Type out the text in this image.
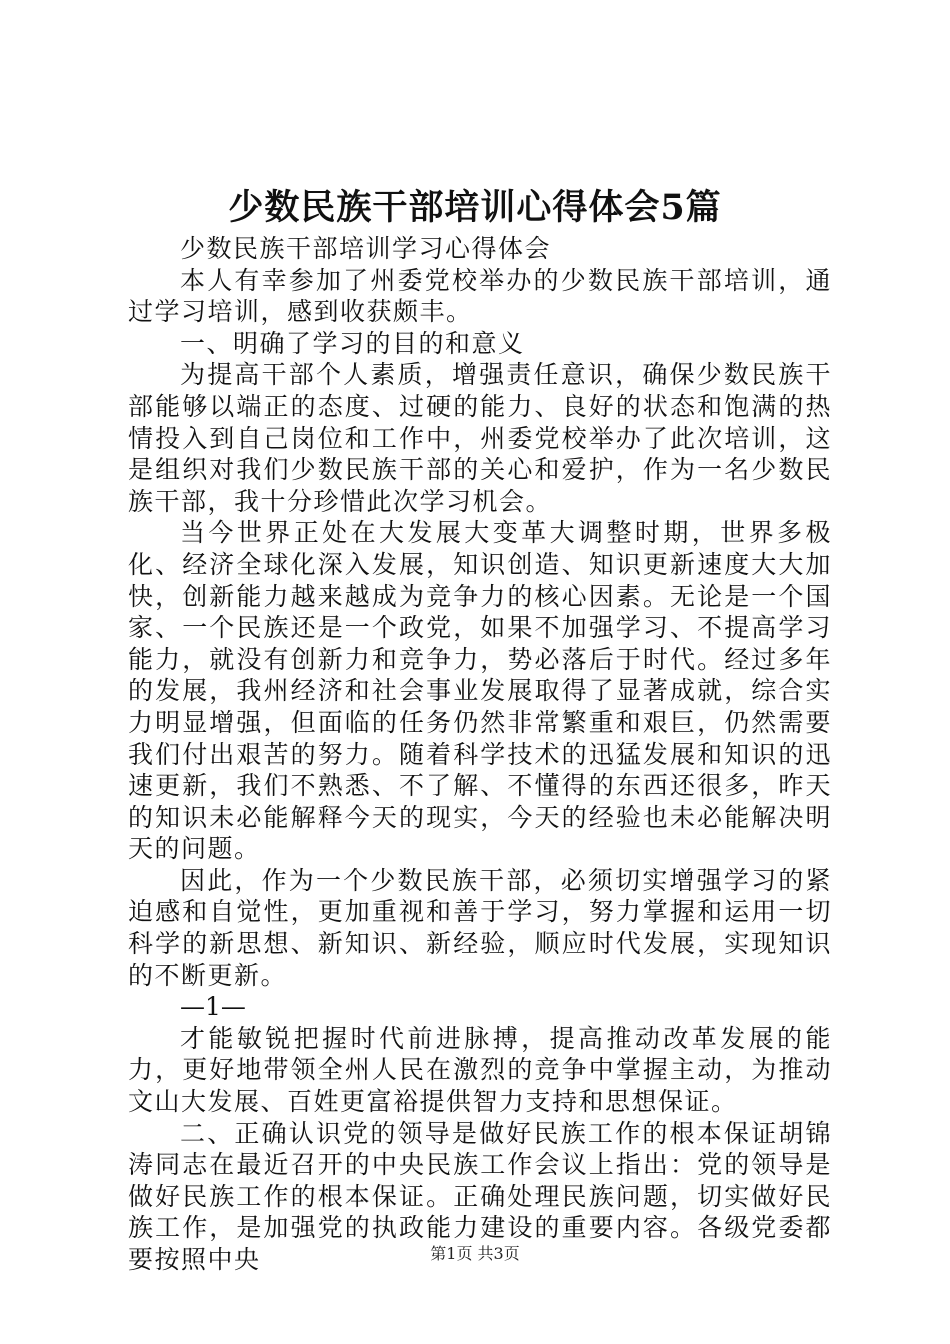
少数民族干部培训心得体会5篇

少数民族干部培训学习心得体会

本人有幸参加了州委党校举办的少数民族干部培训，通过学习培训，感到收获颇丰。

一、明确了学习的目的和意义

为提高干部个人素质，增强责任意识，确保少数民族干部能够以端正的态度、过硬的能力、良好的状态和饱满的热情投入到自己岗位和工作中，州委党校举办了此次培训，这是组织对我们少数民族干部的关心和爱护，作为一名少数民族干部，我十分珍惜此次学习机会。

当今世界正处在大发展大变革大调整时期，世界多极化、经济全球化深入发展，知识创造、知识更新速度大大加快，创新能力越来越成为竞争力的核心因素。无论是一个国家、一个民族还是一个政党，如果不加强学习、不提高学习能力，就没有创新力和竞争力，势必落后于时代。经过多年的发展，我州经济和社会事业发展取得了显著成就，综合实力明显增强，但面临的任务仍然非常繁重和艰巨，仍然需要我们付出艰苦的努力。随着科学技术的迅猛发展和知识的迅速更新，我们不熟悉、不了解、不懂得的东西还很多，昨天的知识未必能解释今天的现实，今天的经验也未必能解决明天的问题。

因此，作为一个少数民族干部，必须切实增强学习的紧迫感和自觉性，更加重视和善于学习，努力掌握和运用一切科学的新思想、新知识、新经验，顺应时代发展，实现知识的不断更新。

—1—

才能敏锐把握时代前进脉搏，提高推动改革发展的能力，更好地带领全州人民在激烈的竞争中掌握主动，为推动文山大发展、百姓更富裕提供智力支持和思想保证。

二、正确认识党的领导是做好民族工作的根本保证胡锦涛同志在最近召开的中央民族工作会议上指出：党的领导是做好民族工作的根本保证。正确处理民族问题，切实做好民族工作，是加强党的执政能力建设的重要内容。各级党委都要按照中央	第1页 共3页
